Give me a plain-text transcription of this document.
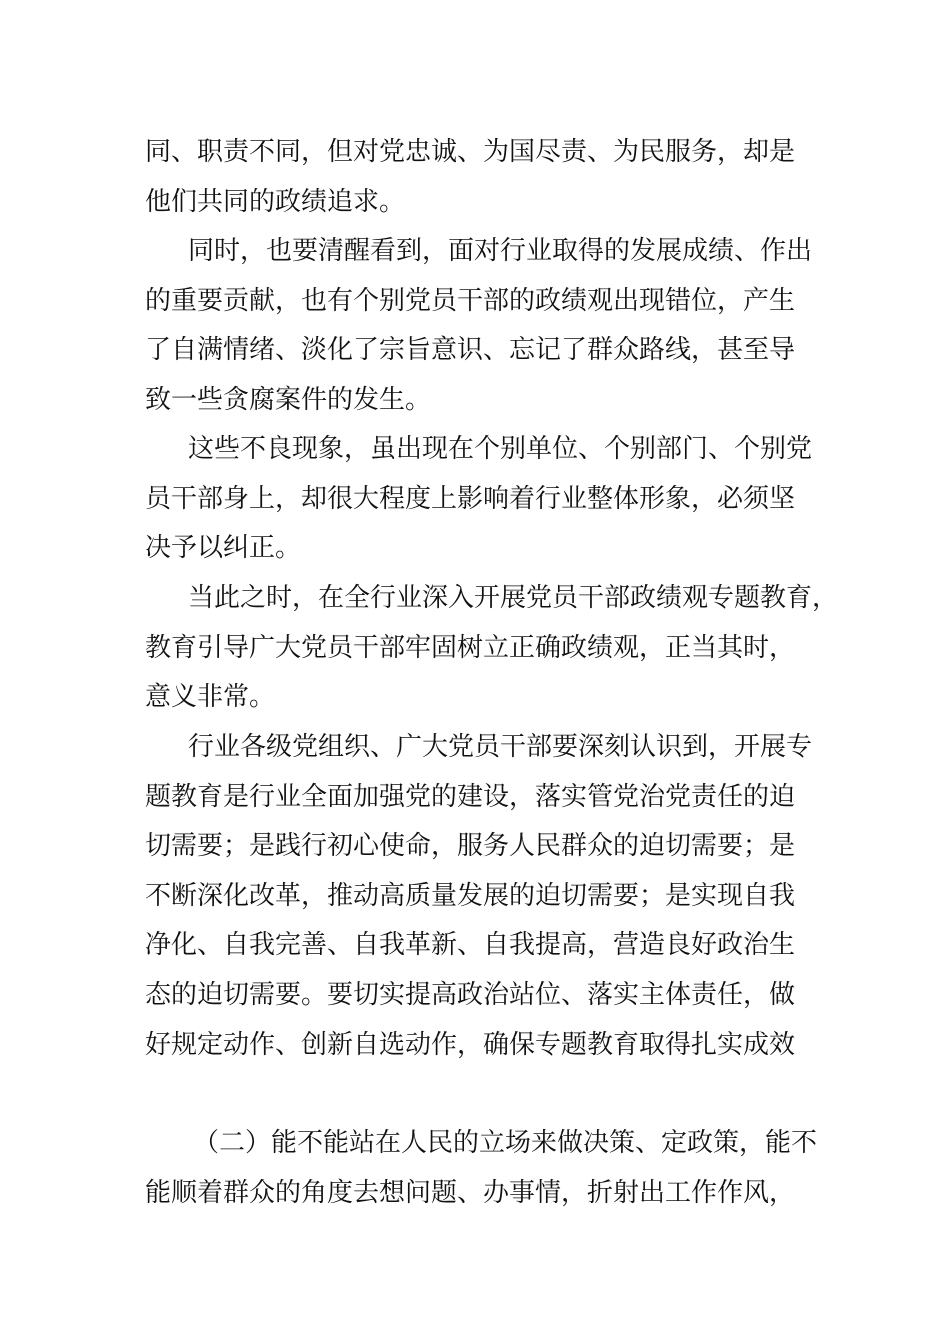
同、职责不同，但对党忠诚、为国尽责、为民服务，却是
他们共同的政绩追求。
同时，也要清醒看到，面对行业取得的发展成绩、作出
的重要贡献，也有个别党员干部的政绩观出现错位，产生
了自满情绪、淡化了宗旨意识、忘记了群众路线，甚至导
致一些贪腐案件的发生。
这些不良现象，虽出现在个别单位、个别部门、个别党
员干部身上，却很大程度上影响着行业整体形象，必须坚
决予以纠正。
当此之时，在全行业深入开展党员干部政绩观专题教育，
教育引导广大党员干部牢固树立正确政绩观，正当其时，
意义非常。
行业各级党组织、广大党员干部要深刻认识到，开展专
题教育是行业全面加强党的建设，落实管党治党责任的迫
切需要；是践行初心使命，服务人民群众的迫切需要；是
不断深化改革，推动高质量发展的迫切需要；是实现自我
净化、自我完善、自我革新、自我提高，营造良好政治生
态的迫切需要。要切实提高政治站位、落实主体责任，做
好规定动作、创新自选动作，确保专题教育取得扎实成效
（二）能不能站在人民的立场来做决策、定政策，能不
能顺着群众的角度去想问题、办事情，折射出工作作风，
